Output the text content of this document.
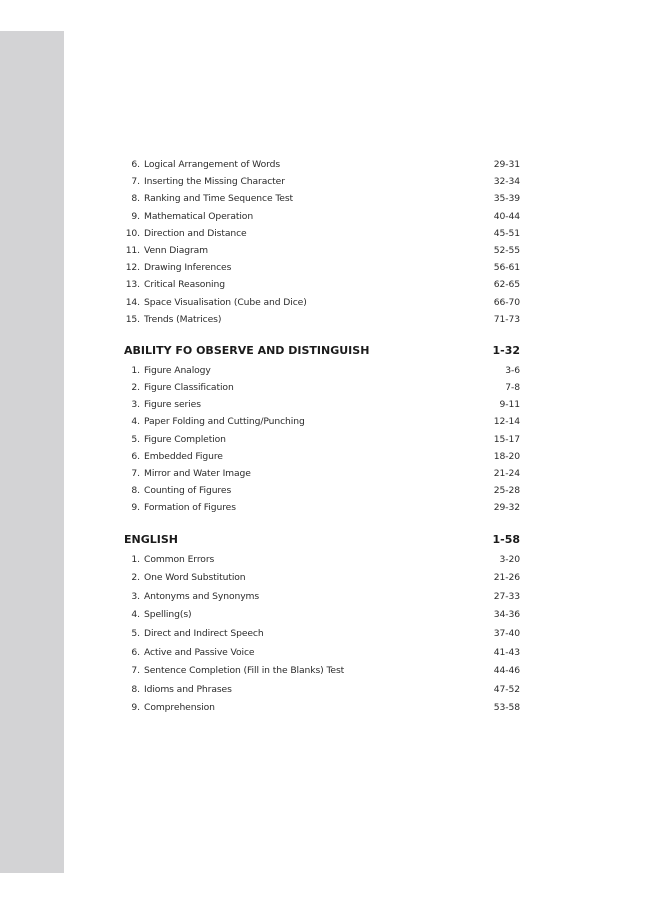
6. Logical Arrangement of Words	29-31
7. Inserting the Missing Character	32-34
8. Ranking and Time Sequence Test	35-39
9. Mathematical Operation	40-44
10. Direction and Distance	45-51
11. Venn Diagram	52-55
12. Drawing Inferences	56-61
13. Critical Reasoning	62-65
14. Space Visualisation (Cube and Dice)	66-70
15. Trends (Matrices)	71-73
ABILITY FO OBSERVE AND DISTINGUISH	1-32
1. Figure Analogy	3-6
2. Figure Classification	7-8
3. Figure series	9-11
4. Paper Folding and Cutting/Punching	12-14
5. Figure Completion	15-17
6. Embedded Figure	18-20
7. Mirror and Water Image	21-24
8. Counting of Figures	25-28
9. Formation of Figures	29-32
ENGLISH	1-58
1. Common Errors	3-20
2. One Word Substitution	21-26
3. Antonyms and Synonyms	27-33
4. Spelling(s)	34-36
5. Direct and Indirect Speech	37-40
6. Active and Passive Voice	41-43
7. Sentence Completion (Fill in the Blanks) Test	44-46
8. Idioms and Phrases	47-52
9. Comprehension	53-58
